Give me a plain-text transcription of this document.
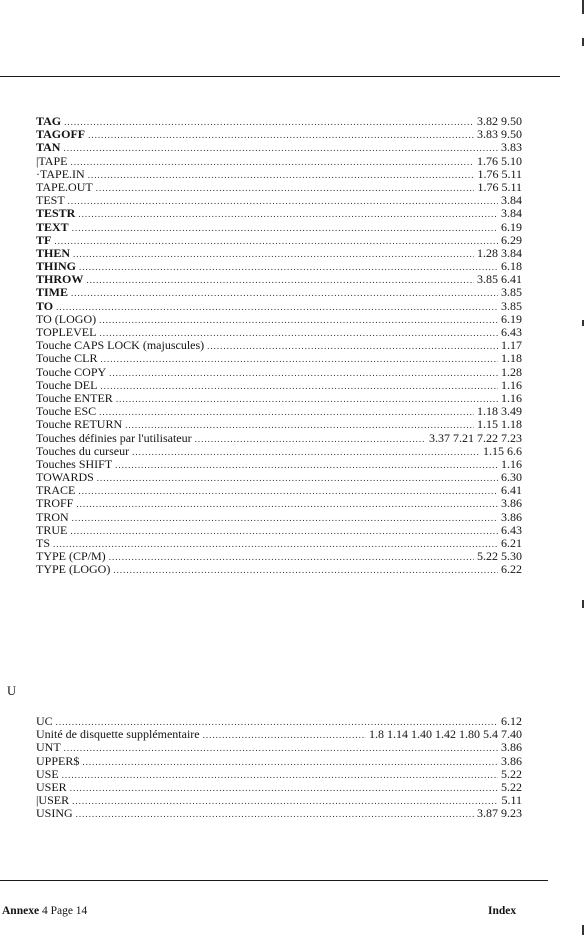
TAG .....	3.82 9.50
TAGOFF .....	3.83 9.50
TAN .....	3.83
|TAPE .....	1.76 5.10
·TAPE.IN .....	1.76 5.11
TAPE.OUT .....	1.76 5.11
TEST .....	3.84
TESTR .....	3.84
TEXT .....	6.19
TF .....	6.29
THEN .....	1.28 3.84
THING .....	6.18
THROW .....	3.85 6.41
TIME .....	3.85
TO .....	3.85
TO (LOGO) .....	6.19
TOPLEVEL .....	6.43
Touche CAPS LOCK (majuscules) .....	1.17
Touche CLR .....	1.18
Touche COPY .....	1.28
Touche DEL .....	1.16
Touche ENTER .....	1.16
Touche ESC .....	1.18 3.49
Touche RETURN .....	1.15 1.18
Touches définies par l'utilisateur .....	3.37 7.21 7.22 7.23
Touches du curseur .....	1.15 6.6
Touches SHIFT .....	1.16
TOWARDS .....	6.30
TRACE .....	6.41
TROFF .....	3.86
TRON .....	3.86
TRUE .....	6.43
TS .....	6.21
TYPE (CP/M) .....	5.22 5.30
TYPE (LOGO) .....	6.22
U
UC .....	6.12
Unité de disquette supplémentaire .....	1.8 1.14 1.40 1.42 1.80 5.4 7.40
UNT .....	3.86
UPPER$ .....	3.86
USE .....	5.22
USER .....	5.22
|USER .....	5.11
USING .....	3.87 9.23
Annexe 4 Page 14	Index
